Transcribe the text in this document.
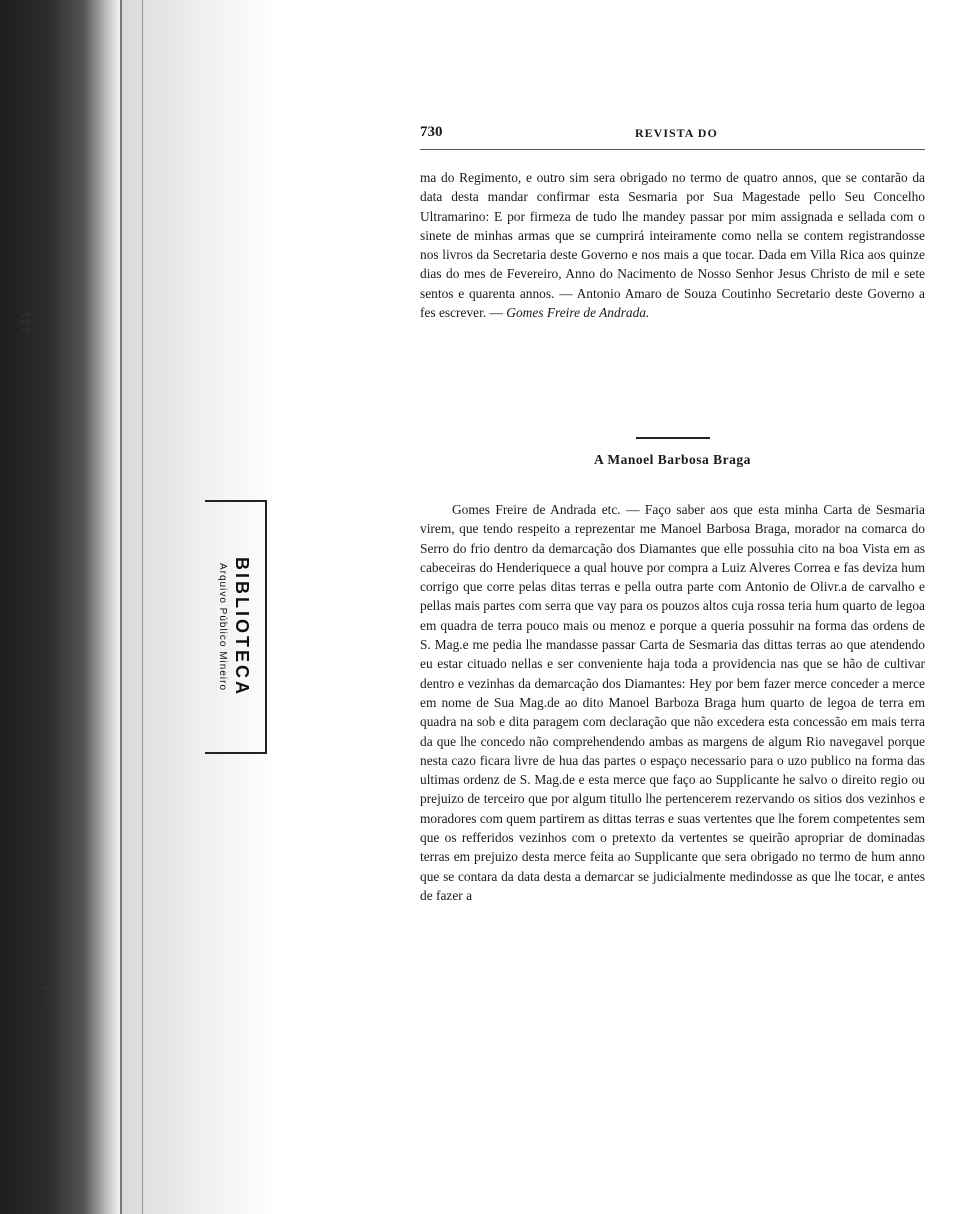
121
121
BIBLIOTECA
Arquivo Público Mineiro
730	REVISTA DO
ma do Regimento, e outro sim sera obrigado no termo de quatro annos, que se contarão da data desta mandar confirmar esta Sesmaria por Sua Magestade pello Seu Concelho Ultramarino: E por firmeza de tudo lhe mandey passar por mim assignada e sellada com o sinete de minhas armas que se cumprirá inteiramente como nella se contem registrandosse nos livros da Secretaria deste Governo e nos mais a que tocar. Dada em Villa Rica aos quinze dias do mes de Fevereiro, Anno do Nacimento de Nosso Senhor Jesus Christo de mil e sete sentos e quarenta annos. — Antonio Amaro de Souza Coutinho Secretario deste Governo a fes escrever. — Gomes Freire de Andrada.
A Manoel Barbosa Braga
Gomes Freire de Andrada etc. — Faço saber aos que esta minha Carta de Sesmaria virem, que tendo respeito a reprezentar me Manoel Barbosa Braga, morador na comarca do Serro do frio dentro da demarcação dos Diamantes que elle possuhia cito na boa Vista em as cabeceiras do Henderiquece a qual houve por compra a Luiz Alveres Correa e fas deviza hum corrigo que corre pelas ditas terras e pella outra parte com Antonio de Olivr.a de carvalho e pellas mais partes com serra que vay para os pouzos altos cuja rossa teria hum quarto de legoa em quadra de terra pouco mais ou menoz e porque a queria possuhir na forma das ordens de S. Mag.e me pedia lhe mandasse passar Carta de Sesmaria das dittas terras ao que atendendo eu estar cituado nellas e ser conveniente haja toda a providencia nas que se hão de cultivar dentro e vezinhas da demarcação dos Diamantes: Hey por bem fazer merce conceder a merce em nome de Sua Mag.de ao dito Manoel Barboza Braga hum quarto de legoa de terra em quadra na sob e dita paragem com declaração que não excedera esta concessão em mais terra da que lhe concedo não comprehendendo ambas as margens de algum Rio navegavel porque nesta cazo ficara livre de hua das partes o espaço necessario para o uzo publico na forma das ultimas ordenz de S. Mag.de e esta merce que faço ao Supplicante he salvo o direito regio ou prejuizo de terceiro que por algum titullo lhe pertencerem rezervando os sitios dos vezinhos e moradores com quem partirem as dittas terras e suas vertentes que lhe forem competentes sem que os refferidos vezinhos com o pretexto da vertentes se queirão apropriar de dominadas terras em prejuizo desta merce feita ao Supplicante que sera obrigado no termo de hum anno que se contara da data desta a demarcar se judicialmente medindosse as que lhe tocar, e antes de fazer a
